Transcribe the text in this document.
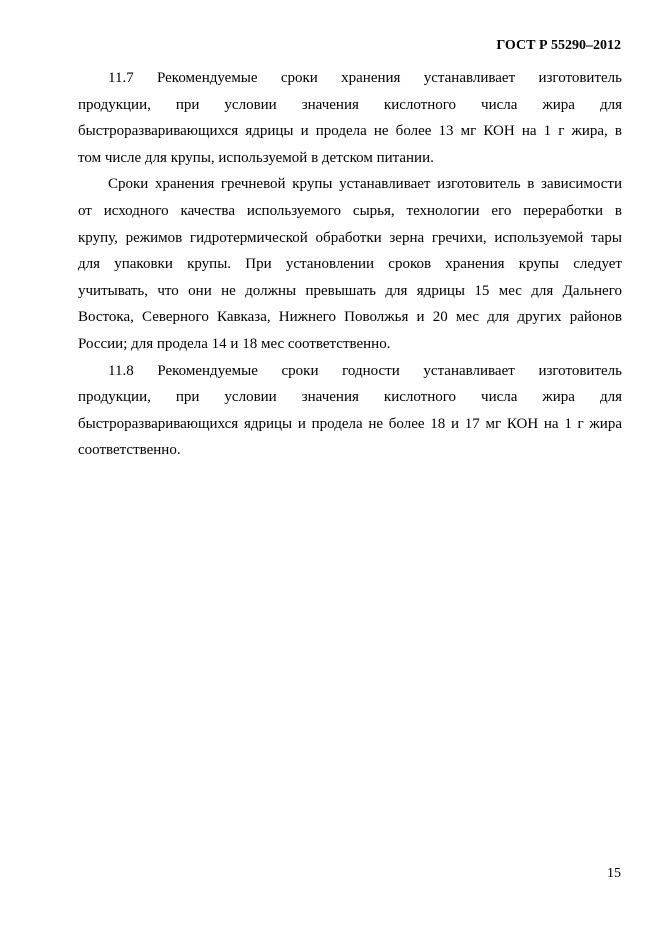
ГОСТ Р 55290–2012
11.7 Рекомендуемые сроки хранения устанавливает изготовитель
продукции, при условии значения кислотного числа жира для
быстроразваривающихся ядрицы и продела не более 13 мг КОН на 1 г жира, в
том числе для крупы, используемой в детском питании.
Сроки хранения гречневой крупы устанавливает изготовитель в зависимости
от исходного качества используемого сырья, технологии его переработки в
крупу, режимов гидротермической обработки зерна гречихи, используемой тары
для упаковки крупы. При установлении сроков хранения крупы следует
учитывать, что они не должны превышать для ядрицы 15 мес для Дальнего
Востока, Северного Кавказа, Нижнего Поволжья и 20 мес для других районов
России; для продела 14 и 18 мес соответственно.
11.8 Рекомендуемые сроки годности устанавливает изготовитель
продукции, при условии значения кислотного числа жира для
быстроразваривающихся ядрицы и продела не более 18 и 17 мг КОН на 1 г жира
соответственно.
15
